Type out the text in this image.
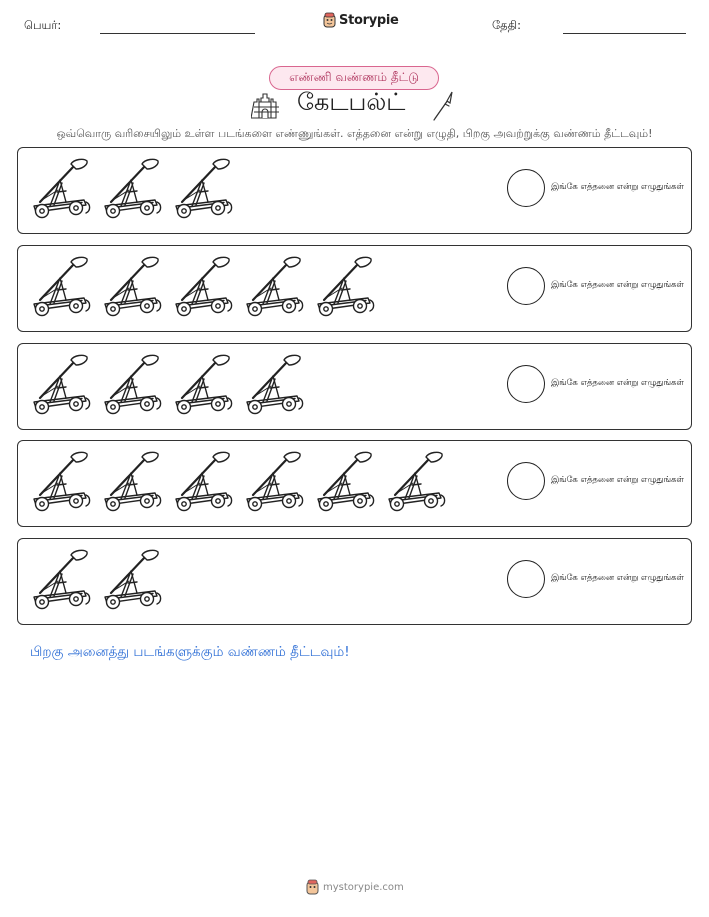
பெயர்:	Storypie	தேதி:
எண்ணி வண்ணம் தீட்டு
கேடபல்ட்
ஒவ்வொரு வரிசையிலும் உள்ள படங்களை எண்ணுங்கள். எத்தனை என்று எழுதி, பிறகு அவற்றுக்கு வண்ணம் தீட்டவும்!
இங்கே எத்தனை என்று எழுதுங்கள்
இங்கே எத்தனை என்று எழுதுங்கள்
இங்கே எத்தனை என்று எழுதுங்கள்
இங்கே எத்தனை என்று எழுதுங்கள்
இங்கே எத்தனை என்று எழுதுங்கள்
பிறகு அனைத்து படங்களுக்கும் வண்ணம் தீட்டவும்!
mystorypie.com
